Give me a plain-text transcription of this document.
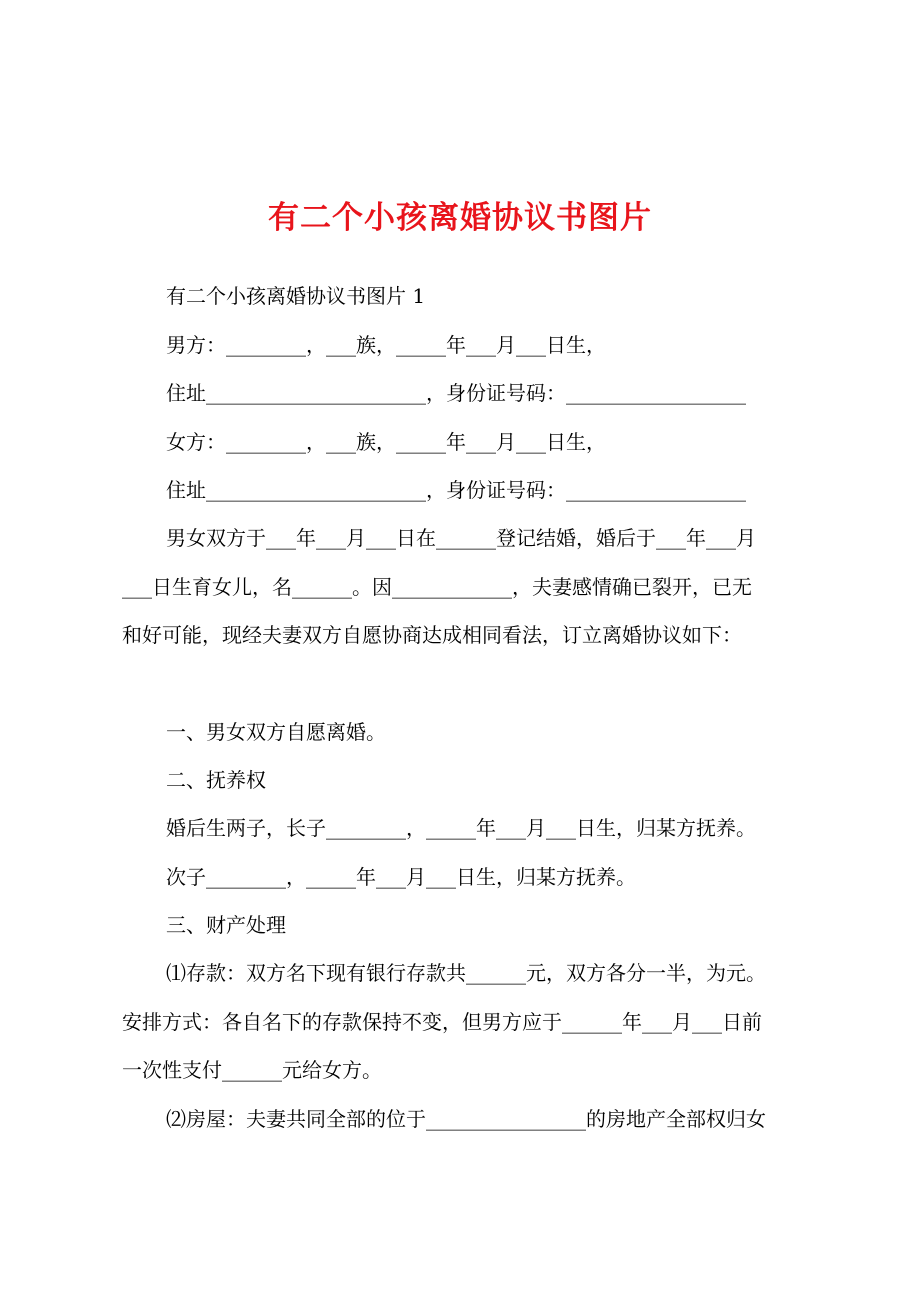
有二个小孩离婚协议书图片
有二个小孩离婚协议书图片 1
男方：________，___族，_____年___月___日生，
住址______________________，身份证号码：__________________
女方：________，___族，_____年___月___日生，
住址______________________，身份证号码：__________________
男女双方于___年___月___日在______登记结婚，婚后于___年___月
___日生育女儿，名______。因____________，夫妻感情确已裂开，已无
和好可能，现经夫妻双方自愿协商达成相同看法，订立离婚协议如下：
一、男女双方自愿离婚。
二、抚养权
婚后生两子，长子________，_____年___月___日生，归某方抚养。
次子________，_____年___月___日生，归某方抚养。
三、财产处理
⑴存款：双方名下现有银行存款共______元，双方各分一半，为元。
安排方式：各自名下的存款保持不变，但男方应于______年___月___日前
一次性支付______元给女方。
⑵房屋：夫妻共同全部的位于________________的房地产全部权归女
